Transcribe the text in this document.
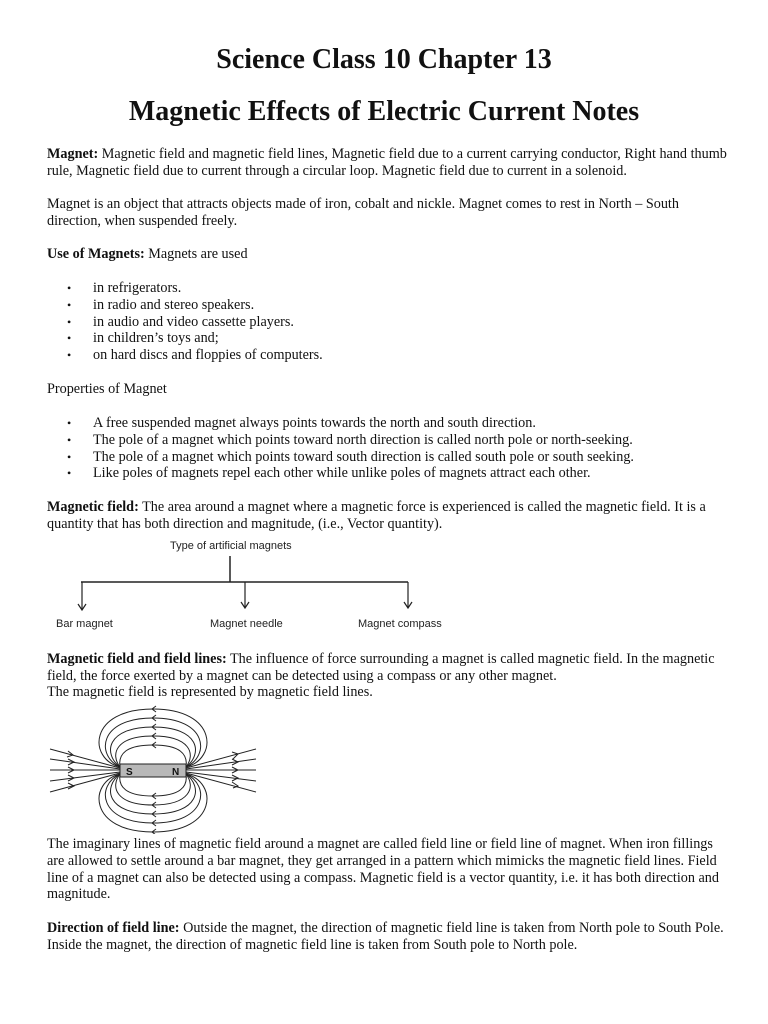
Science Class 10 Chapter 13
Magnetic Effects of Electric Current Notes

Magnet: Magnetic field and magnetic field lines, Magnetic field due to a current carrying conductor, Right hand thumb rule, Magnetic field due to current through a circular loop. Magnetic field due to current in a solenoid.

Magnet is an object that attracts objects made of iron, cobalt and nickle. Magnet comes to rest in North – South direction, when suspended freely.

Use of Magnets: Magnets are used

• in refrigerators.
• in radio and stereo speakers.
• in audio and video cassette players.
• in children’s toys and;
• on hard discs and floppies of computers.

Properties of Magnet

• A free suspended magnet always points towards the north and south direction.
• The pole of a magnet which points toward north direction is called north pole or north-seeking.
• The pole of a magnet which points toward south direction is called south pole or south seeking.
• Like poles of magnets repel each other while unlike poles of magnets attract each other.

Magnetic field: The area around a magnet where a magnetic force is experienced is called the magnetic field. It is a quantity that has both direction and magnitude, (i.e., Vector quantity).

Type of artificial magnets
Bar magnet	Magnet needle	Magnet compass

Magnetic field and field lines: The influence of force surrounding a magnet is called magnetic field. In the magnetic field, the force exerted by a magnet can be detected using a compass or any other magnet.

The magnetic field is represented by magnetic field lines.

S	N

The imaginary lines of magnetic field around a magnet are called field line or field line of magnet. When iron fillings are allowed to settle around a bar magnet, they get arranged in a pattern which mimicks the magnetic field lines. Field line of a magnet can also be detected using a compass. Magnetic field is a vector quantity, i.e. it has both direction and magnitude.

Direction of field line: Outside the magnet, the direction of magnetic field line is taken from North pole to South Pole. Inside the magnet, the direction of magnetic field line is taken from South pole to North pole.
